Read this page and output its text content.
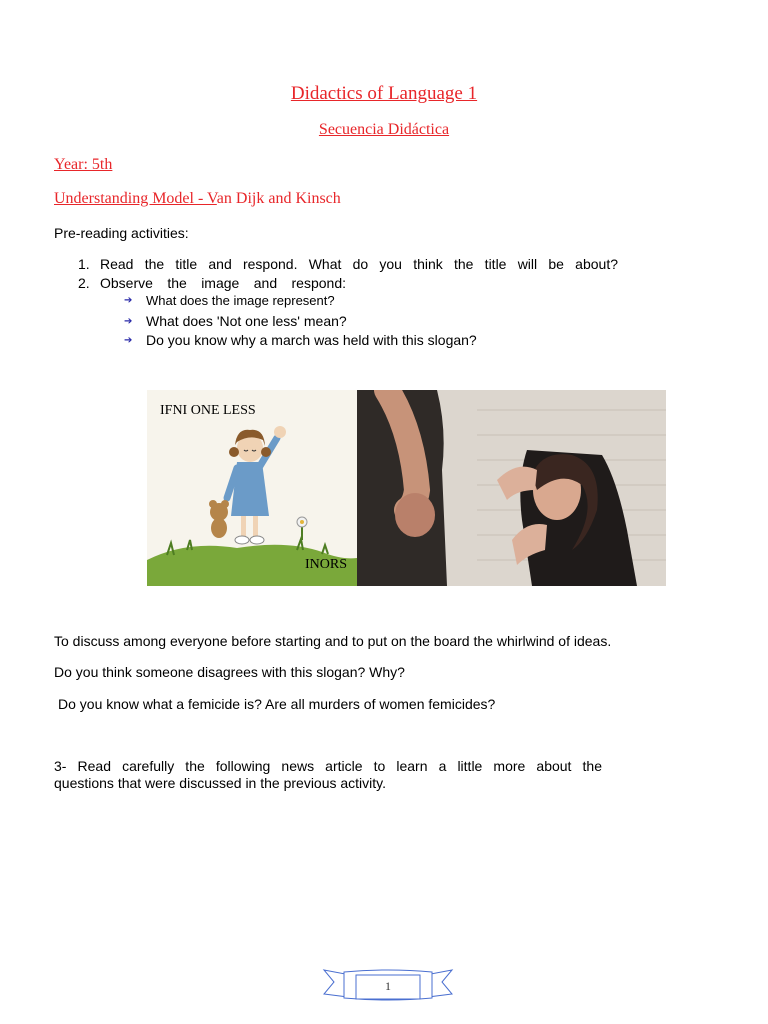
Didactics of Language 1
Secuencia Didáctica
Year: 5th
Understanding Model - Van Dijk and Kinsch
Pre-reading activities:
1. Read the title and respond. What do you think the title will be about?
2. Observe the image and respond:
➔	What does the image represent?
➔ What does 'Not one less' mean?
➔ Do you know why a march was held with this slogan?
IFNI ONE LESS
INORS
To discuss among everyone before starting and to put on the board the whirlwind of ideas.
Do you think someone disagrees with this slogan? Why?
Do you know what a femicide is? Are all murders of women femicides?
3- Read carefully the following news article to learn a little more about the
questions that were discussed in the previous activity.
1
